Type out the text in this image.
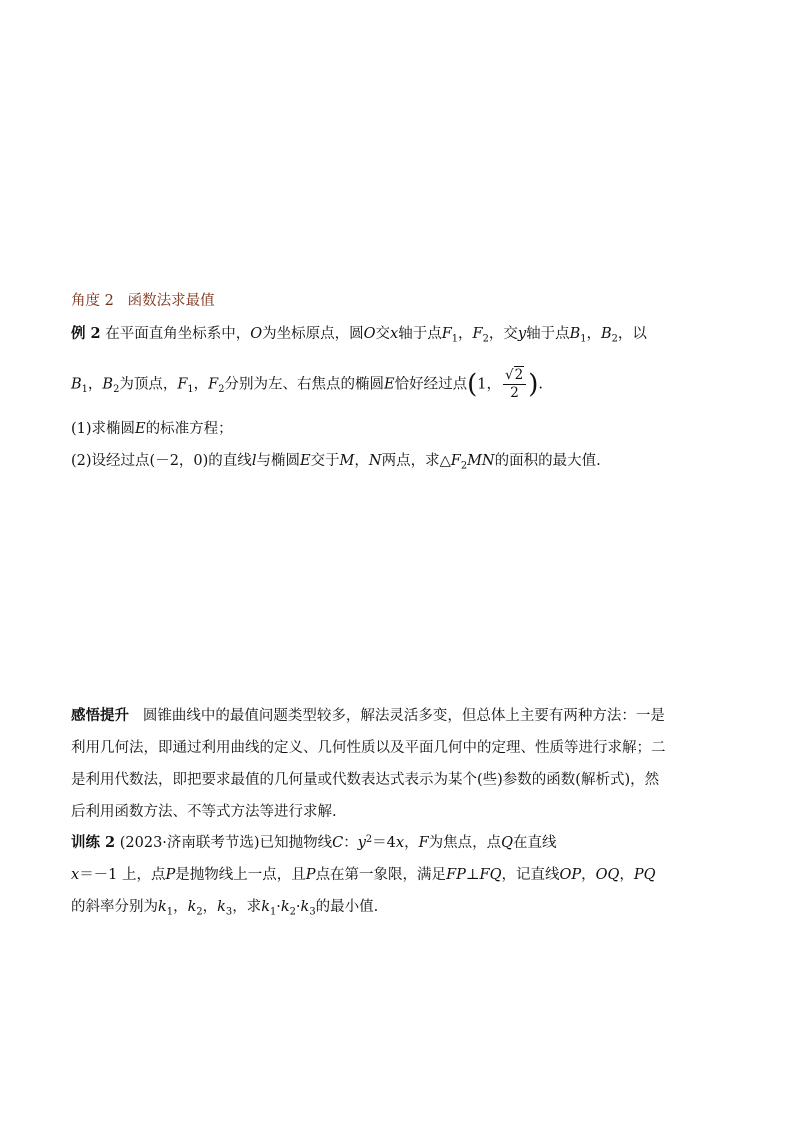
角度 2 函数法求最值
例 2 在平面直角坐标系中，O为坐标原点，圆O交x轴于点$F_1$，$F_2$，交y轴于点$B_1$，$B_2$，以
$B_1$，$B_2$为顶点，$F_1$，$F_2$分别为左、右焦点的椭圆E恰好经过点(1， $\frac{√2}{2}$ ).
(1)求椭圆E的标准方程；
(2)设经过点(－2，0)的直线l与椭圆E交于M，N两点，求$\triangle F_2MN$的面积的最大值.
感悟提升 圆锥曲线中的最值问题类型较多，解法灵活多变，但总体上主要有两种方法：一是
利用几何法，即通过利用曲线的定义、几何性质以及平面几何中的定理、性质等进行求解；二
是利用代数法，即把要求最值的几何量或代数表达式表示为某个(些)参数的函数(解析式)，然
后利用函数方法、不等式方法等进行求解.
训练 2 (2023·济南联考节选)已知抛物线C：$y^2=4x$，F为焦点，点Q在直线
x＝－1 上，点P是抛物线上一点，且P点在第一象限，满足FP⊥FQ，记直线OP，OQ，PQ
的斜率分别为$k_1$，$k_2$，$k_3$，求$k_1\cdot k_2\cdot k_3$的最小值.
